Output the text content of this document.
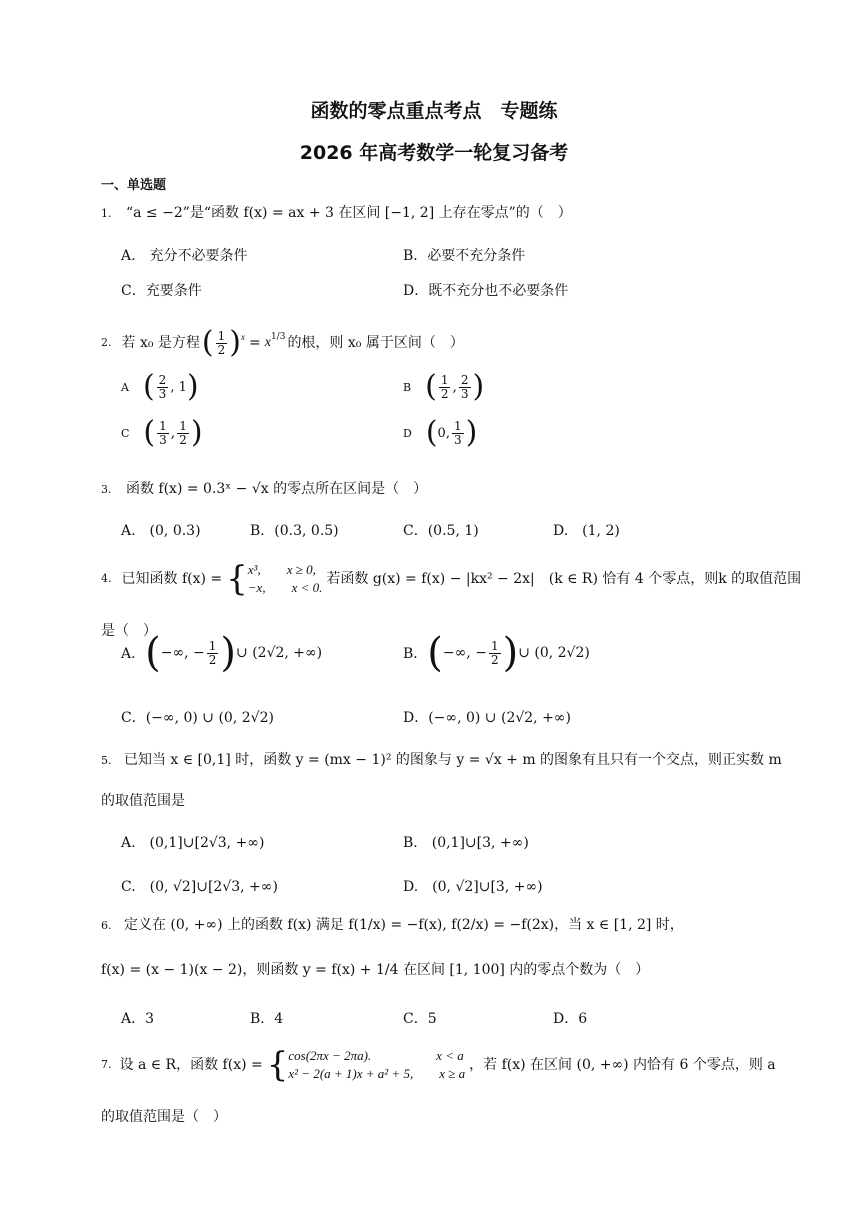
函数的零点重点考点　专题练
2026 年高考数学一轮复习备考
一、单选题
1. “a ≤ −2”是“函数 f(x) = ax + 3 在区间 [−1, 2] 上存在零点”的（　）
A.　充分不必要条件	B．必要不充分条件
C．充要条件	D．既不充分也不必要条件
2. 若 x₀ 是方程 ( $\frac{1}{2} )^x = x^{1/3}$ 的根，则 x₀ 属于区间（　）
A ( $\frac{2}{3}$ , 1 )	B ( $\frac{1}{2}$ , $\frac{2}{3}$ )
C ( $\frac{1}{3}$ , $\frac{1}{2}$ )	D ( 0, $\frac{1}{3}$ )
3. 函数 f(x) = 0.3ˣ − √x 的零点所在区间是（　）
A.　(0, 0.3)	B．(0.3, 0.5)	C．(0.5, 1)	D.　(1, 2)
4. 已知函数 f(x) = { x³,　　x ≥ 0,
−x,　　x < 0.
若函数 g(x) = f(x) − |kx² − 2x|　(k ∈ R) 恰有 4 个零点，则k 的取值范围
是（　）
A． ( −∞, − $\frac{1}{2}$ ) ∪ (2√2, +∞)	B． ( −∞, − $\frac{1}{2}$ ) ∪ (0, 2√2)
C．(−∞, 0) ∪ (0, 2√2)	D．(−∞, 0) ∪ (2√2, +∞)
5. 已知当 x ∈ [0,1] 时，函数 y = (mx − 1)² 的图象与 y = √x + m 的图象有且只有一个交点，则正实数 m
的取值范围是
A.　(0,1]∪[2√3, +∞)	B.　(0,1]∪[3, +∞)
C.　(0, √2]∪[2√3, +∞)	D.　(0, √2]∪[3, +∞)
6. 定义在 (0, +∞) 上的函数 f(x) 满足 f(1/x) = −f(x), f(2/x) = −f(2x)，当 x ∈ [1, 2] 时，
f(x) = (x − 1)(x − 2)，则函数 y = f(x) + 1/4 在区间 [1, 100] 内的零点个数为（　）
A．3	B．4	C．5	D．6
7. 设 a ∈ R，函数 f(x) = { cos(2πx − 2πa).　　　　　x < a
x² − 2(a + 1)x + a² + 5,　　x ≥ a
，若 f(x) 在区间 (0, +∞) 内恰有 6 个零点，则 a
的取值范围是（　）
